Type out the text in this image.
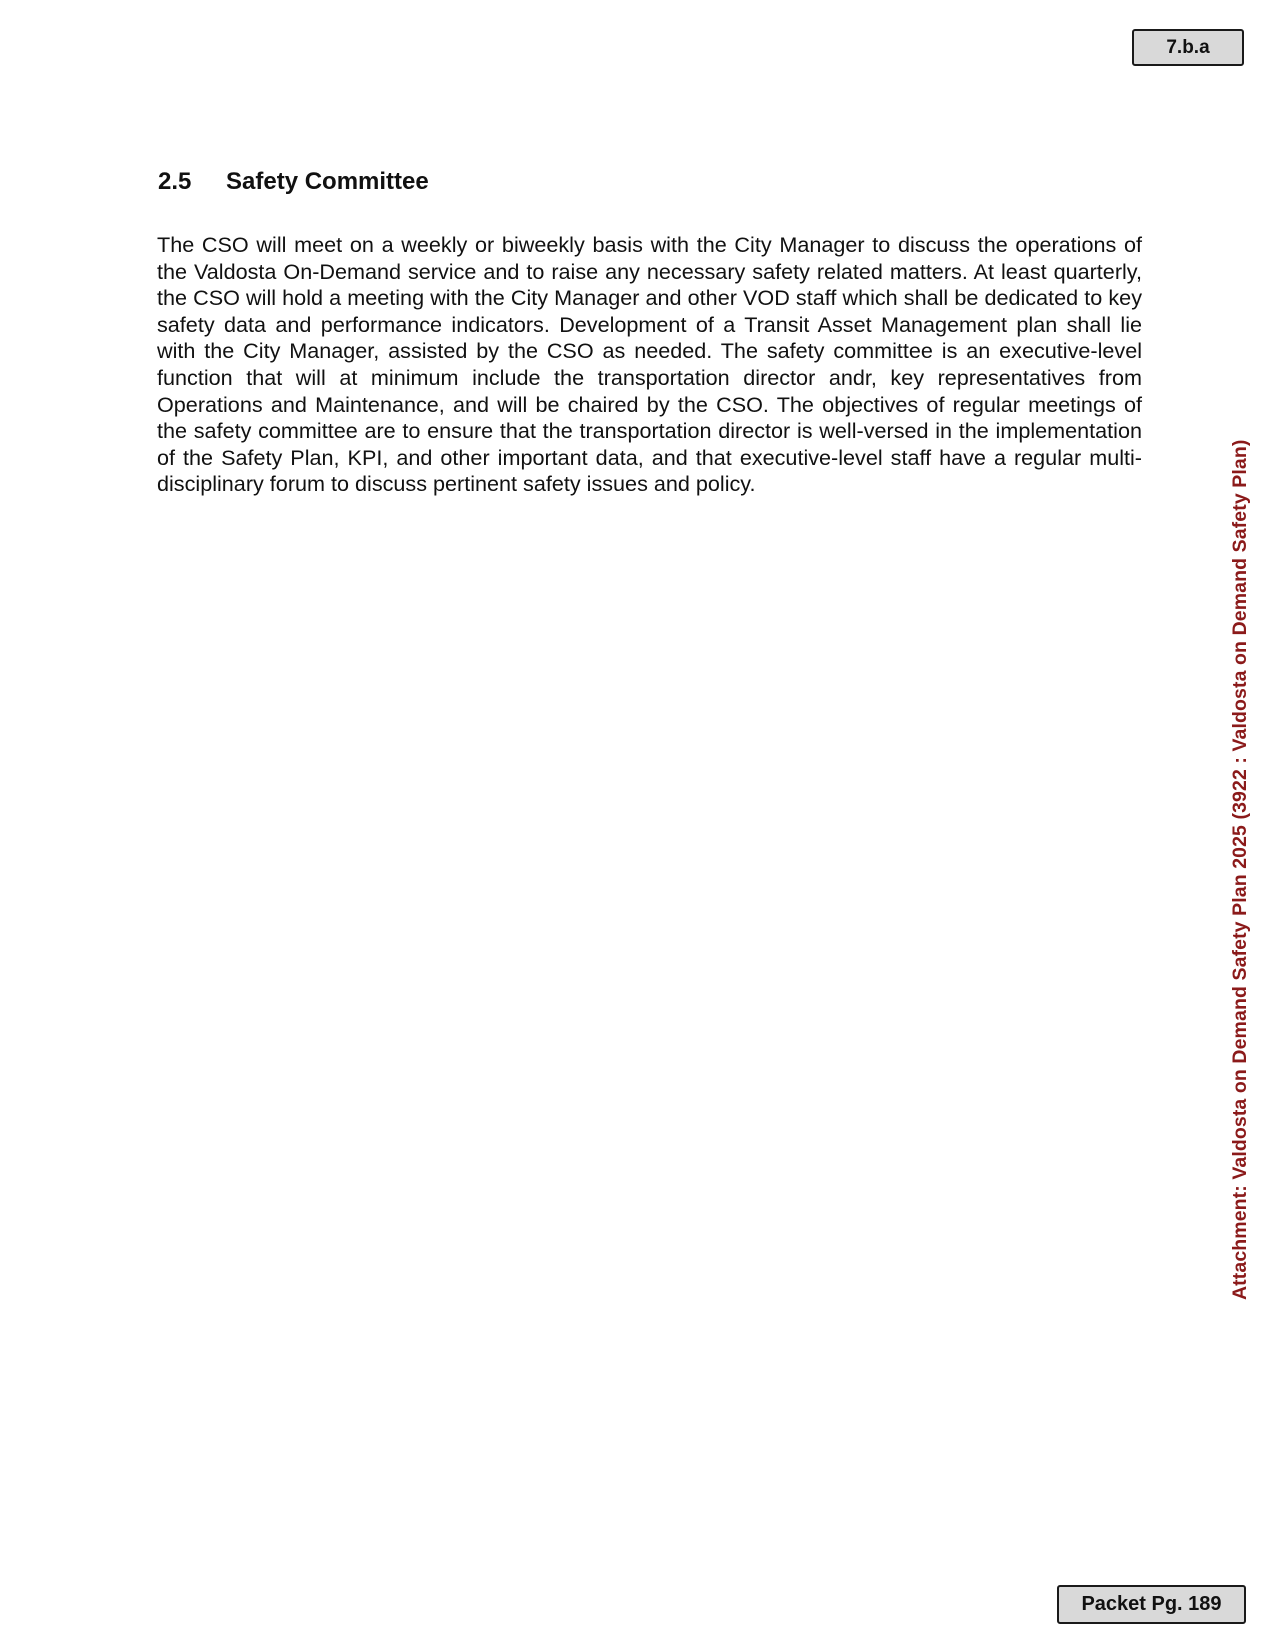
7.b.a
2.5 Safety Committee

The CSO will meet on a weekly or biweekly basis with the City Manager to discuss the operations of the Valdosta On-Demand service and to raise any necessary safety related matters. At least quarterly, the CSO will hold a meeting with the City Manager and other VOD staff which shall be dedicated to key safety data and performance indicators. Development of a Transit Asset Management plan shall lie with the City Manager, assisted by the CSO as needed. The safety committee is an executive-level function that will at minimum include the transportation director andr, key representatives from Operations and Maintenance, and will be chaired by the CSO. The objectives of regular meetings of the safety committee are to ensure that the transportation director is well-versed in the implementation of the Safety Plan, KPI, and other important data, and that executive-level staff have a regular multi-disciplinary forum to discuss pertinent safety issues and policy.	Attachment: Valdosta on Demand Safety Plan 2025 (3922 : Valdosta on Demand Safety Plan)
Packet Pg. 189
